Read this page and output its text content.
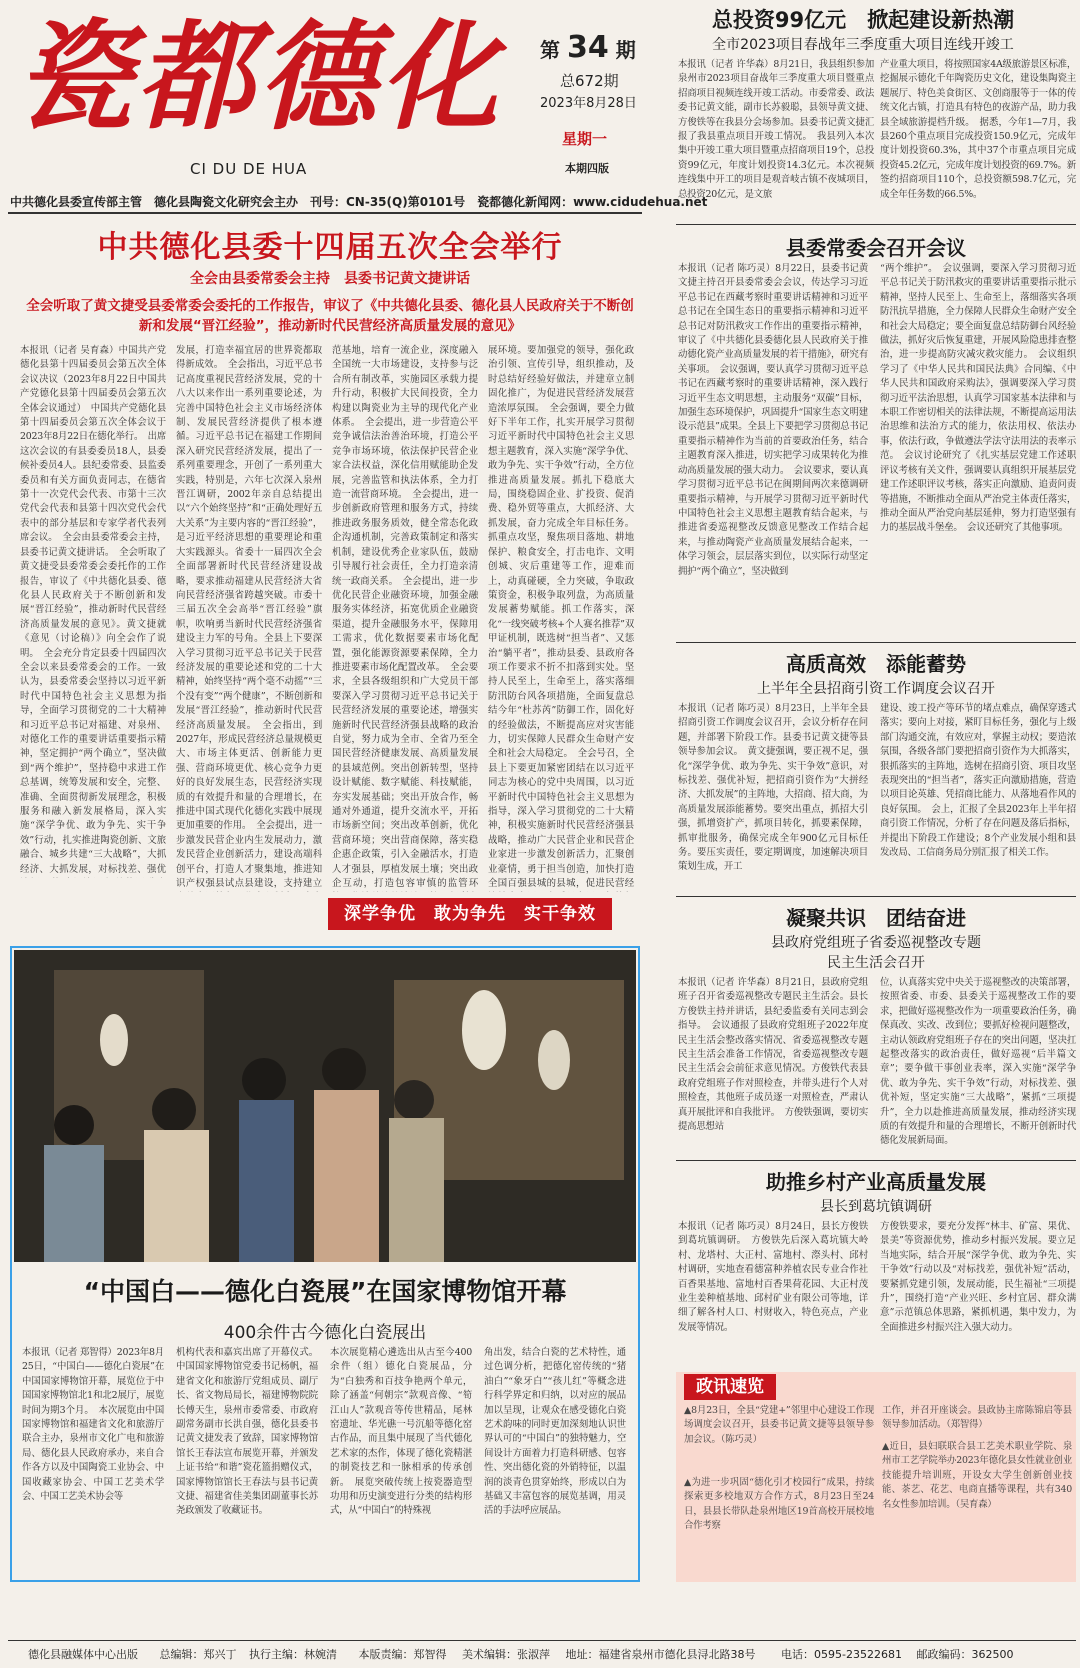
瓷都德化 第 34 期
总672期
2023年8月28日
星期一
本期四版
CI DU DE HUA
中共德化县委宣传部主管　德化县陶瓷文化研究会主办　刊号：CN-35(Q)第0101号　瓷都德化新闻网：www.cidudehua.net
中共德化县委十四届五次全会举行
全会由县委常委会主持　县委书记黄文捷讲话
全会听取了黄文捷受县委常委会委托的工作报告，审议了《中共德化县委、德化县人民政府关于不断创新和发展“晋江经验”，推动新时代民营经济高质量发展的意见》
本报讯（记者 吴育森）中国共产党德化县第十四届委员会第五次全体会议决议（2023年8月22日中国共产党德化县第十四届委员会第五次全体会议通过）　中国共产党德化县第十四届委员会第五次全体会议于2023年8月22日在德化举行。　出席这次会议的有县委委员18人，县委候补委员4人。县纪委常委、县监委委员和有关方面负责同志，在德省第十一次党代会代表、市第十三次党代会代表和县第十四次党代会代表中的部分基层和专家学者代表列席会议。　全会由县委常委会主持，县委书记黄文捷讲话。　全会听取了黄文捷受县委常委会委托作的工作报告，审议了《中共德化县委、德化县人民政府关于不断创新和发展“晋江经验”，推动新时代民营经济高质量发展的意见》。黄文捷就《意见（讨论稿）》向全会作了说明。　全会充分肯定县委十四届四次全会以来县委常委会的工作。一致认为，县委常委会坚持以习近平新时代中国特色社会主义思想为指导，全面学习贯彻党的二十大精神和习近平总书记对福建、对泉州、对德化工作的重要讲话重要指示精神，坚定拥护“两个确立”，坚决做到“两个维护”，坚持稳中求进工作总基调，统筹发展和安全，完整、准确、全面贯彻新发展理念，积极服务和融入新发展格局，深入实施“深学争优、敢为争先、实干争效”行动，扎实推进陶瓷创新、文旅融合、城乡共建“三大战略”，大抓经济、大抓发展，对标找差、强优
发展，打造幸福宜居的世界瓷都取得新成效。　全会指出，习近平总书记高度重视民营经济发展，党的十八大以来作出一系列重要论述，为完善中国特色社会主义市场经济体制、发展民营经济提供了根本遵循。习近平总书记在福建工作期间深入研究民营经济发展，提出了一系列重要理念，开创了一系列重大实践，特别是，六年七次深入泉州晋江调研，2002年亲自总结提出以“六个始终坚持”和“正确处理好五大关系”为主要内容的“晋江经验”，是习近平经济思想的重要理论和重大实践源头。省委十一届四次全会全面部署新时代民营经济建设战略，要求推动福建从民营经济大省向民营经济强省跨越突破。市委十三届五次全会高举“晋江经验”旗帜，吹响勇当新时代民营经济强省建设主力军的号角。全县上下要深入学习贯彻习近平总书记关于民营经济发展的重要论述和党的二十大精神，始终坚持“两个毫不动摇”“三个没有变”“两个健康”，不断创新和发展“晋江经验”，推动新时代民营经济高质量发展。　全会指出，到2027年，形成民营经济总量规模更大、市场主体更活、创新能力更强、营商环境更优、核心竞争力更好的良好发展生态，民营经济实现质的有效提升和量的合理增长，在推进中国式现代化德化实践中展现更加重要的作用。　全会提出，进一步激发民营企业内生发展动力，激发民营企业创新活力，建设高端科创平台，打造人才聚集地，推进知识产权强县试点县建设，支持建立　
范基地，培育一流企业，深度融入全国统一大市场建设，支持参与泛合所有制改革，实施园区承载力提升行动，积极扩大民间投资，全力构建以陶瓷业为主导的现代化产业体系。　全会提出，进一步营造公平竞争诚信法治善治环境，打造公平竞争市场环境，依法保护民营企业家合法权益，深化信用赋能助企发展，完善监管和执法体系，全力打造一流营商环境。　全会提出，进一步创新政府管理和服务方式，持续推进政务服务质效，健全常态化政企沟通机制，完善政策制定和落实机制，建设优秀企业家队伍，鼓励引导履行社会责任，全力打造亲清统一政商关系。　全会提出，进一步优化民营企业融资环境，加强金融服务实体经济，拓宽优质企业融资渠道，提升金融服务水平，保障用工需求，优化数据要素市场化配置，强化能源资源要素保障，全力推进要素市场化配置改革。　全会要求，全县各级组织和广大党员干部要深入学习贯彻习近平总书记关于民营经济发展的重要论述，增强实施新时代民营经济强县战略的政治自觉，努力成为全市、全省乃至全国民营经济健康发展、高质量发展的县域范例。突出创新转型，坚持设计赋能、数字赋能、科技赋能，夯实发展基础；突出开放合作，畅通对外通道，提升交流水平，开拓市场新空间；突出改革创新，优化营商环境；突出营商保障，落实稳企惠企政策，引入金融活水，打造人才强县，厚植发展土壤；突出政企互动，打造包容审慎的监管环
展环境。要加强党的领导，强化政治引领、宣传引导，组织推动，及时总结好经验好做法，并建章立制固化推广，为促进民营经济发展营造浓厚氛围。　全会强调，要全力做好下半年工作，扎实开展学习贯彻习近平新时代中国特色社会主义思想主题教育，深入实施“深学争优、敢为争先、实干争效”行动，全方位推进高质量发展。抓扎下稳底大局，围绕稳固企业、扩投资、促消费、稳外贸等重点，大抓经济、大抓发展，奋力完成全年目标任务。抓重点攻坚，聚焦项目落地、耕地保护、粮食安全，打击电诈、文明创城、灾后重建等工作，迎难而上，动真碰硬，全力突破，争取政策资金，积极争取列盘，为高质量发展蓄势赋能。抓工作落实，深化“一线突破考核+个人赛名推荐”双甲证机制，既选树“担当者”、又惩治“躺平者”，推动县委、县政府各项工作要求不折不扣落到实处。坚持人民至上，生命至上，落实落细防汛防台风各项措施，全面复盘总结今年“杜苏芮”防御工作，固化好的经验做法，不断提高应对灾害能力，切实保障人民群众生命财产安全和社会大局稳定。　全会号召，全县上下要更加紧密团结在以习近平同志为核心的党中央周围，以习近平新时代中国特色社会主义思想为指导，深入学习贯彻党的二十大精神，积极实施新时代民营经济强县战略，推动广大民营企业和民营企业家进一步激发创新活力，汇聚创业豪情，勇于担当创造，加快打造全国百强县城的县城，促进民营经
深学争优　敢为争先　实干争效
“中国白——德化白瓷展”在国家博物馆开幕
400余件古今德化白瓷展出
本报讯（记者 郑智得）2023年8月25日，“中国白——德化白瓷展”在中国国家博物馆开幕，展览位于中国国家博物馆北1和北2展厅，展览时间为期3个月。　本次展览由中国国家博物馆和福建省文化和旅游厅联合主办，泉州市文化广电和旅游局、德化县人民政府承办，来自合作各方以及中国陶瓷工业协会、中国收藏家协会、中国工艺美术学会、中国工艺美术协会等
机构代表和嘉宾出席了开幕仪式。中国国家博物馆党委书记杨帆，福建省文化和旅游厅党组成员、副厅长、省文物局局长，福建博物院院长傅天生，泉州市委常委、市政府副常务副市长洪自强，德化县委书记黄文捷发表了致辞，国家博物馆馆长王春法宣布展览开幕，并颁发上证书给“和谐”瓷花篮捐赠仪式，国家博物馆馆长王春法与县书记黄文捷、福建省佳美集团副董事长苏尧政颁发了收藏证书。
本次展览精心遴选出从古至今400余件（组）德化白瓷展品，分为“白独秀和百技争艳两个单元，除了涵盖“何朝宗”款观音像、“筍江山人”款观音等传世精品，尾林窑遗址、华光礁一号沉船等德化窑古作品，而且集中展现了当代德化艺术家的杰作，体现了德化瓷精湛的制瓷技艺和一脉相承的传承创新。　展览突破传统上按瓷器造型功用和历史演变进行分类的结构形式，从“中国白”的特殊视
角出发，结合白瓷的艺术特性，通过色调分析，把德化窑传统的“猪油白”“象牙白”“孩儿红”等概念进行科学界定和归纳，以对应的展品加以呈现，让观众在感受德化白瓷艺术韵味的同时更加深刻地认识世界认可的“中国白”的独特魅力，空间设计方面着力打造科研感、包容性、突出德化瓷的外销特征，以温润的淡青色贯穿始终，形成以白为基础又丰富包容的展览基调，用灵活的手法呼应展品。
总投资99亿元　掀起建设新热潮
全市2023项目春战年三季度重大项目连线开竣工
本报讯（记者 许华森）8月21日，我县组织参加泉州市2023项目奋战年三季度重大项目暨重点招商项目视频连线开竣工活动。市委常委、政法委书记黄文能，副市长苏毅聪，县领导黄文捷、方俊铁等在我县分会场参加。县委书记黄文捷汇报了我县重点项目开竣工情况。　我县列入本次集中开竣工重大项目暨重点招商项目19个，总投资99亿元，年度计划投资14.3亿元。本次视频连线集中开工的项目是观音岐古镇不夜城项目，总投资20亿元，是文旅
产业重大项目，将按照国家4A级旅游景区标准，挖掘展示德化千年陶瓷历史文化，建设集陶瓷主题展厅、特色美食街区、文创商服等于一体的传统文化古镇，打造具有特色的夜游产品，助力我县全域旅游提档升级。　据悉，今年1—7月，我县260个重点项目完成投资150.9亿元，完成年度计划投资60.3%，其中37个市重点项目完成投资45.2亿元，完成年度计划投资的69.7%。新签约招商项目110个，总投资额598.7亿元，完成全年任务数的66.5%。
县委常委会召开会议
本报讯（记者 陈巧灵）8月22日，县委书记黄文捷主持召开县委常委会会议，传达学习习近平总书记在西藏考察时重要讲话精神和习近平总书记在全国生态日的重要指示精神和习近平总书记对防汛救灾工作作出的重要指示精神，审议了《中共德化县委德化县人民政府关于推动德化瓷产业高质量发展的若干措施》，研究有关事项。　会议强调，要认真学习贯彻习近平总书记在西藏考察时的重要讲话精神，深入践行习近平生态文明思想，主动服务“双碳”目标，加强生态环境保护，巩固提升“国家生态文明建设示范县”成果。全县上下要把学习贯彻总书记重要指示精神作为当前的首要政治任务，结合主题教育深入推进，切实把学习成果转化为推动高质量发展的强大动力。　会议要求，要认真学习贯彻习近平总书记在闽期间两次来德调研重要指示精神，与开展学习贯彻习近平新时代中国特色社会主义思想主题教育结合起来，与推进省委巡视整改反馈意见整改工作结合起来，与推动陶瓷产业高质量发展结合起来，一体学习领会，层层落实到位，以实际行动坚定拥护“两个确立”，坚决做到
“两个维护”。　会议强调，要深入学习贯彻习近平总书记关于防汛救灾的重要讲话重要指示批示精神，坚持人民至上、生命至上，落细落实各项防汛抗旱措施，全力保障人民群众生命财产安全和社会大局稳定；要全面复盘总结防御台风经验做法，抓好灾后恢复重建，开展风险隐患排查整治，进一步提高防灾减灾救灾能力。　会议组织学习了《中华人民共和国民法典》合同编、《中华人民共和国政府采购法》，强调要深入学习贯彻习近平法治思想，认真学习国家基本法律和与本职工作密切相关的法律法规，不断提高运用法治思维和法治方式的能力，依法用权、依法办事，依法行政，争做遵法学法守法用法的表率示范。　会议讨论研究了《扎实基层党建工作述职评议考核有关文件，强调要认真组织开展基层党建工作述职评议考核，落实正向激励、追责问责等措施，不断推动全面从严治党主体责任落实，推动全面从严治党向基层延伸，努力打造坚强有力的基层战斗堡垒。　会议还研究了其他事项。
高质高效　添能蓄势
上半年全县招商引资工作调度会议召开
本报讯（记者 陈巧灵）8月23日，上半年全县招商引资工作调度会议召开，会议分析存在问题，并部署下阶段工作。县委书记黄文捷等县领导参加会议。　黄文捷强调，要正视不足，强化“深学争优、敢为争先、实干争效”意识，对标找差、强优补短，把招商引资作为“大拼经济、大抓发展”的主阵地，大招商、招大商，为高质量发展添能蓄势。要突出重点，抓招大引强，抓增资扩产，抓项目转化，抓要素保障，抓审批服务，确保完成全年900亿元目标任务。要压实责任，要定期调度，加速解决项目策划生成，开工
建设、竣工投产等环节的堵点难点，确保穿透式落实；要向上对接，紧盯目标任务，强化与上级部门沟通交流，有效应对，掌握主动权；要造浓氛围，各级各部门要把招商引资作为大抓落实，狠抓落实的主阵地，选树在招商引资、项目攻坚表现突出的“担当者”，落实正向激励措施，营造以项目论英雄、凭招商比能力、从落地看作风的良好氛围。　会上，汇报了全县2023年上半年招商引资工作情况，分析了存在问题及落后指标，并提出下阶段工作建设；8个产业发展小组和县发改局、工信商务局分别汇报了相关工作。
凝聚共识　团结奋进
县政府党组班子省委巡视整改专题
民主生活会召开
本报讯（记者 许华森）8月21日，县政府党组班子召开省委巡视整改专题民主生活会。县长方俊铁主持并讲话，县纪委监委有关同志到会指导。　会议通报了县政府党组班子2022年度民主生活会整改落实情况、省委巡视整改专题民主生活会准备工作情况，省委巡视整改专题民主生活会会前征求意见情况。方俊铁代表县政府党组班子作对照检查，并带头进行个人对照检查，其他班子成员逐一对照检查，严肃认真开展批评和自我批评。　方俊铁强调，要切实提高思想站
位，认真落实党中央关于巡视整改的决策部署，按照省委、市委、县委关于巡视整改工作的要求，把做好巡视整改作为一项重要政治任务，确保真改、实改、改到位；要抓好检视问题整改，主动认领政府党组班子存在的突出问题，坚决扛起整改落实的政治责任，做好巡视“后半篇文章”；要争做干事创业表率，深入实施“深学争优、敢为争先、实干争效”行动，对标找差、强优补短，坚定实施“三大战略”，紧抓“三项提升”，全力以赴推进高质量发展，推动经济实现质的有效提升和量的合理增长，不断开创新时代德化发展新局面。
助推乡村产业高质量发展
县长到葛坑镇调研
本报讯（记者 陈巧灵）8月24日，县长方俊铁到葛坑镇调研。　方俊铁先后深入葛坑镇大岭村、龙塔村、大正村、富地村、漈头村、邱村村调研，实地查看德富种养植农民专业合作社百香果基地、富地村百香果荷花园、大正村茂业生姜种植基地、邱村矿业有限公司等地，详细了解各村人口、村财收入，特色亮点，产业发展等情况。
方俊铁要求，要充分发挥“林丰、矿富、果优、景美”等资源优势，推动乡村振兴发展。要立足当地实际，结合开展“深学争优、敢为争先、实干争效”行动以及“对标找差，强优补短”活动，要紧抓党建引领，发展动能，民生福祉“三项提升”，围绕打造“产业兴旺、乡村宜居、群众满意”示范镇总体思路，紧抓机遇，集中发力，为全面推进乡村振兴注入强大动力。
政讯速览
▲8月23日，全县“党建+”邻里中心建设工作现场调度会议召开，县委书记黄文捷等县领导参加会议。（陈巧灵）
▲为进一步巩固“德化引才校园行”成果，持续探索更多校地双方合作方式，8月23日至24日，县县长带队赴泉州地区19首高校开展校地合作考察
工作，并召开座谈会。县政协主席陈锦启等县领导参加活动。（郑智得）
▲近日，县妇联联合县工艺美术职业学院、泉州市工艺学院举办2023年德化县女性就业创业技能提升培训班，开设女大学生创新创业技能、茶艺、花艺、电商直播等课程，共有340名女性参加培训。（吴育森）
德化县融媒体中心出版 总编辑：郑兴丁 执行主编：林婉清 本版责编：郑智得 美术编辑：张淑萍 地址：福建省泉州市德化县浔北路38号 电话：0595-23522681 邮政编码：362500
